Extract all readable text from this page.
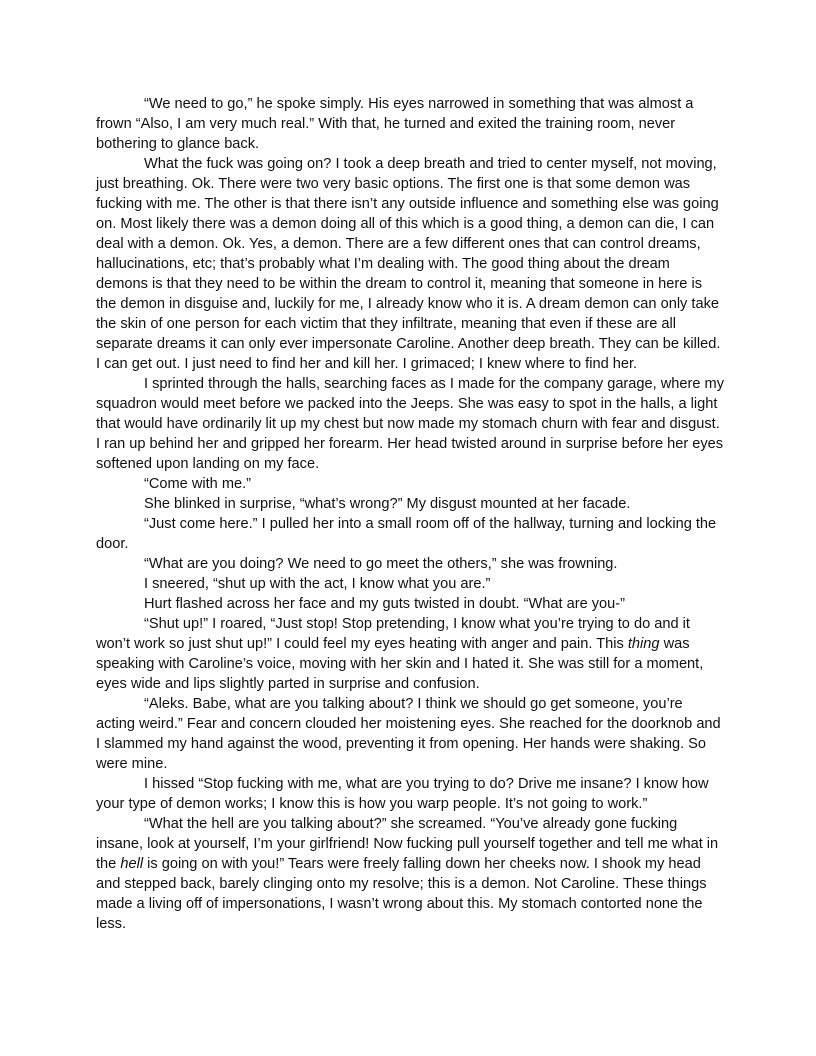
“We need to go,” he spoke simply. His eyes narrowed in something that was almost a frown “Also, I am very much real.” With that, he turned and exited the training room, never bothering to glance back.

What the fuck was going on? I took a deep breath and tried to center myself, not moving, just breathing. Ok. There were two very basic options. The first one is that some demon was fucking with me. The other is that there isn’t any outside influence and something else was going on. Most likely there was a demon doing all of this which is a good thing, a demon can die, I can deal with a demon. Ok. Yes, a demon. There are a few different ones that can control dreams, hallucinations, etc; that’s probably what I’m dealing with. The good thing about the dream demons is that they need to be within the dream to control it, meaning that someone in here is the demon in disguise and, luckily for me, I already know who it is. A dream demon can only take the skin of one person for each victim that they infiltrate, meaning that even if these are all separate dreams it can only ever impersonate Caroline. Another deep breath. They can be killed. I can get out. I just need to find her and kill her. I grimaced; I knew where to find her.

I sprinted through the halls, searching faces as I made for the company garage, where my squadron would meet before we packed into the Jeeps. She was easy to spot in the halls, a light that would have ordinarily lit up my chest but now made my stomach churn with fear and disgust. I ran up behind her and gripped her forearm. Her head twisted around in surprise before her eyes softened upon landing on my face.

“Come with me.”

She blinked in surprise, “what’s wrong?” My disgust mounted at her facade.

“Just come here.” I pulled her into a small room off of the hallway, turning and locking the door.

“What are you doing? We need to go meet the others,” she was frowning.

I sneered, “shut up with the act, I know what you are.”

Hurt flashed across her face and my guts twisted in doubt. “What are you-”

“Shut up!” I roared, “Just stop! Stop pretending, I know what you’re trying to do and it won’t work so just shut up!” I could feel my eyes heating with anger and pain. This thing was speaking with Caroline’s voice, moving with her skin and I hated it. She was still for a moment, eyes wide and lips slightly parted in surprise and confusion.

“Aleks. Babe, what are you talking about? I think we should go get someone, you’re acting weird.” Fear and concern clouded her moistening eyes. She reached for the doorknob and I slammed my hand against the wood, preventing it from opening. Her hands were shaking. So were mine.

I hissed “Stop fucking with me, what are you trying to do? Drive me insane? I know how your type of demon works; I know this is how you warp people. It’s not going to work.”

“What the hell are you talking about?” she screamed. “You’ve already gone fucking insane, look at yourself, I’m your girlfriend! Now fucking pull yourself together and tell me what in the hell is going on with you!” Tears were freely falling down her cheeks now. I shook my head and stepped back, barely clinging onto my resolve; this is a demon. Not Caroline. These things made a living off of impersonations, I wasn’t wrong about this. My stomach contorted none the less.
